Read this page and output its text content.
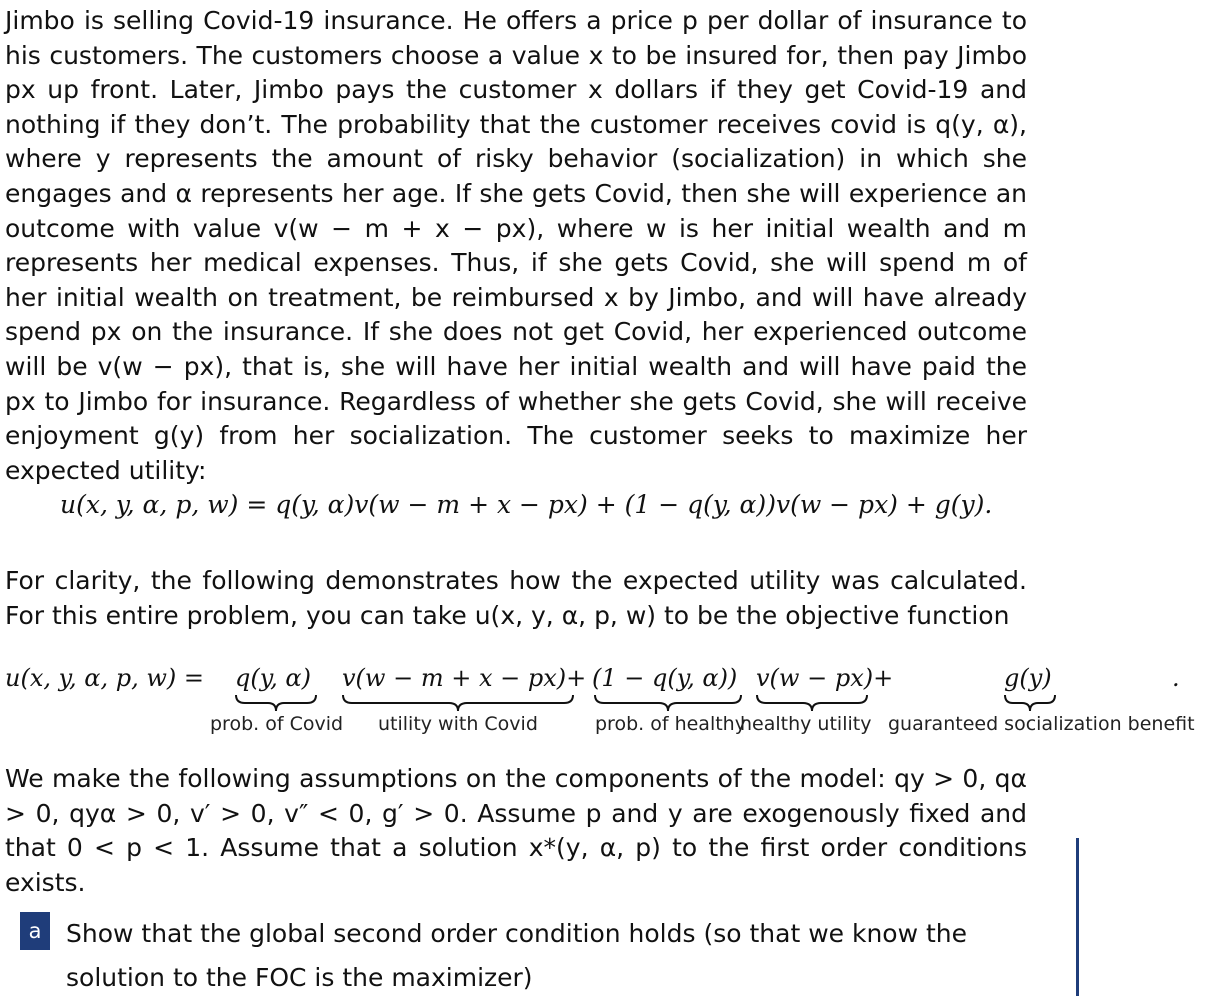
Jimbo is selling Covid-19 insurance. He offers a price p per dollar of insurance to his customers. The customers choose a value x to be insured for, then pay Jimbo px up front. Later, Jimbo pays the customer x dollars if they get Covid-19 and nothing if they don’t. The probability that the customer receives covid is q(y, α), where y represents the amount of risky behavior (socialization) in which she engages and α represents her age. If she gets Covid, then she will experience an outcome with value v(w − m + x − px), where w is her initial wealth and m represents her medical expenses. Thus, if she gets Covid, she will spend m of her initial wealth on treatment, be reimbursed x by Jimbo, and will have already spend px on the insurance. If she does not get Covid, her experienced outcome will be v(w − px), that is, she will have her initial wealth and will have paid the px to Jimbo for insurance. Regardless of whether she gets Covid, she will receive enjoyment g(y) from her socialization. The customer seeks to maximize her expected utility:

u(x, y, α, p, w) = q(y, α)v(w − m + x − px) + (1 − q(y, α))v(w − px) + g(y).

For clarity, the following demonstrates how the expected utility was calculated. For this entire problem, you can take u(x, y, α, p, w) to be the objective function

u(x, y, α, p, w) = q(y, α) v(w − m + x − px)+ (1 − q(y, α)) v(w − px)+	g(y)	.
prob. of Covid utility with Covid	prob. of healthy
healthy utility guaranteed socialization benefit

We make the following assumptions on the components of the model: qy > 0, qα > 0, qyα > 0, v′ > 0, v″ < 0, g′ > 0. Assume p and y are exogenously fixed and that 0 < p < 1. Assume that a solution x*(y, α, p) to the first order conditions exists.

a Show that the global second order condition holds (so that we know the solution to the FOC is the maximizer)
